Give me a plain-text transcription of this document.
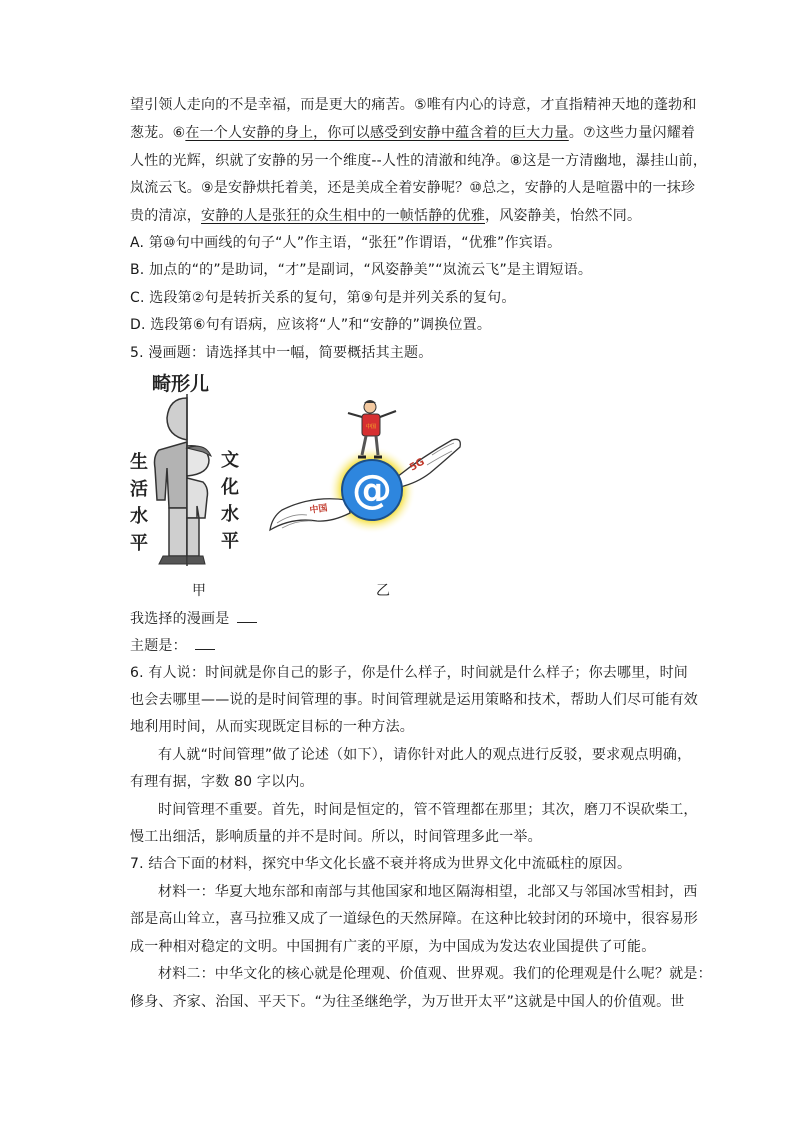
望引领人走向的不是幸福，而是更大的痛苦。⑤唯有内心的诗意，才直指精神天地的蓬勃和
葱茏。⑥在一个人安静的身上，你可以感受到安静中蕴含着的巨大力量。⑦这些力量闪耀着
人性的光辉，织就了安静的另一个维度--人性的清澈和纯净。⑧这是一方清幽地，瀑挂山前，
岚流云飞。⑨是安静烘托着美，还是美成全着安静呢？⑩总之，安静的人是喧嚣中的一抹珍
贵的清凉，安静的人是张狂的众生相中的一帧恬静的优雅，风姿静美，怡然不同。
A. 第⑩句中画线的句子“人”作主语，“张狂”作谓语，“优雅”作宾语。
B. 加点的“的”是助词，“才”是副词，“风姿静美”“岚流云飞”是主谓短语。
C. 选段第②句是转折关系的复句，第⑨句是并列关系的复句。
D. 选段第⑥句有语病，应该将“人”和“安静的”调换位置。
5. 漫画题：请选择其中一幅，简要概括其主题。
畸形儿
生
活
水
平
文
化
水
平
中国
5G
@
中国
甲	乙
我选择的漫画是
主题是：
6. 有人说：时间就是你自己的影子，你是什么样子，时间就是什么样子；你去哪里，时间
也会去哪里——说的是时间管理的事。时间管理就是运用策略和技术，帮助人们尽可能有效
地利用时间，从而实现既定目标的一种方法。
有人就“时间管理”做了论述（如下），请你针对此人的观点进行反驳，要求观点明确，
有理有据，字数 80 字以内。
时间管理不重要。首先，时间是恒定的，管不管理都在那里；其次，磨刀不误砍柴工，
慢工出细活，影响质量的并不是时间。所以，时间管理多此一举。
7. 结合下面的材料，探究中华文化长盛不衰并将成为世界文化中流砥柱的原因。
材料一：华夏大地东部和南部与其他国家和地区隔海相望，北部又与邻国冰雪相封，西
部是高山耸立，喜马拉雅又成了一道绿色的天然屏障。在这种比较封闭的环境中，很容易形
成一种相对稳定的文明。中国拥有广袤的平原，为中国成为发达农业国提供了可能。
材料二：中华文化的核心就是伦理观、价值观、世界观。我们的伦理观是什么呢？就是：
修身、齐家、治国、平天下。“为往圣继绝学，为万世开太平”这就是中国人的价值观。世
